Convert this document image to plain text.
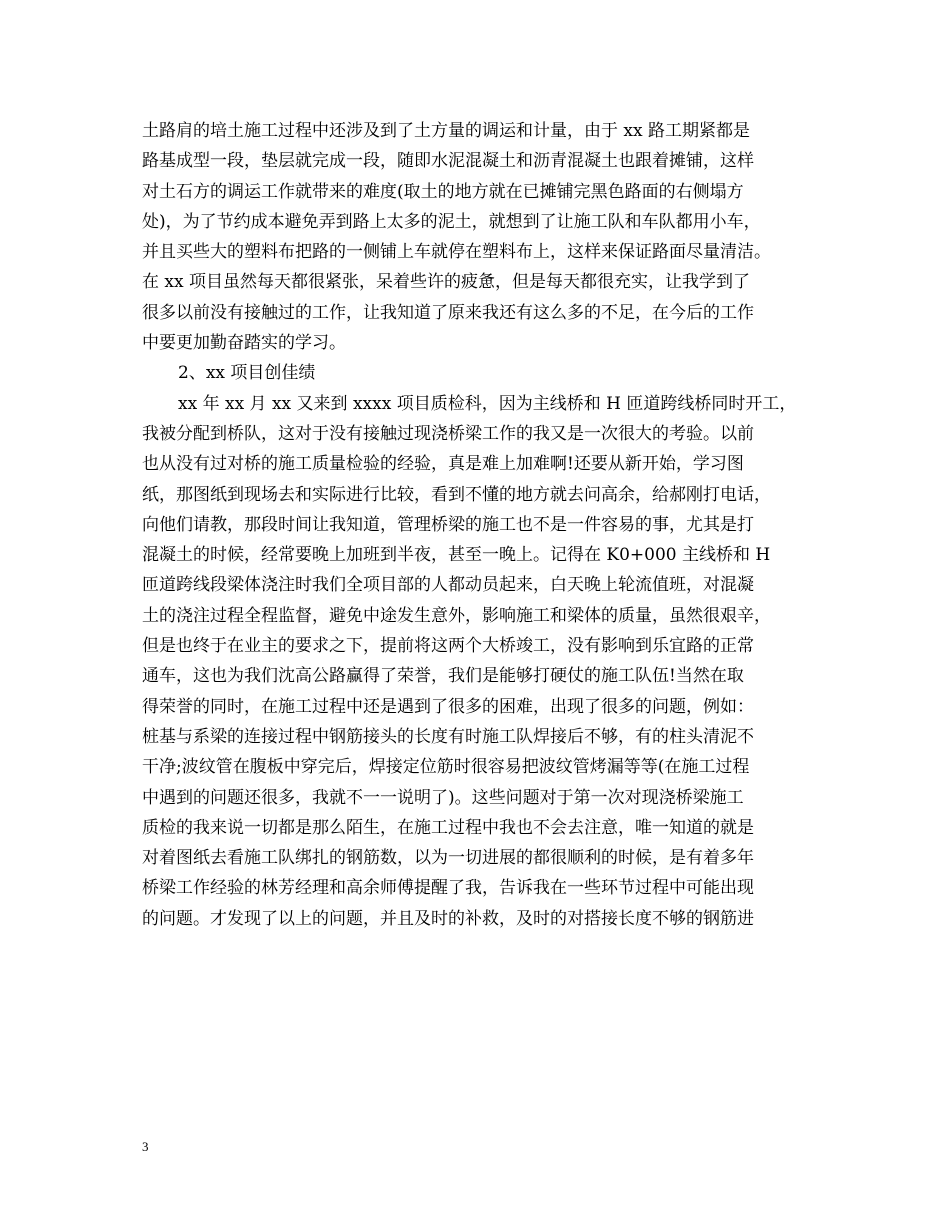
土路肩的培土施工过程中还涉及到了土方量的调运和计量，由于 xx 路工期紧都是
路基成型一段，垫层就完成一段，随即水泥混凝土和沥青混凝土也跟着摊铺，这样
对土石方的调运工作就带来的难度(取土的地方就在已摊铺完黑色路面的右侧塌方
处)，为了节约成本避免弄到路上太多的泥土，就想到了让施工队和车队都用小车，
并且买些大的塑料布把路的一侧铺上车就停在塑料布上，这样来保证路面尽量清洁。
在 xx 项目虽然每天都很紧张，呆着些许的疲惫，但是每天都很充实，让我学到了
很多以前没有接触过的工作，让我知道了原来我还有这么多的不足，在今后的工作
中要更加勤奋踏实的学习。
2、xx 项目创佳绩
xx 年 xx 月 xx 又来到 xxxx 项目质检科，因为主线桥和 H 匝道跨线桥同时开工，
我被分配到桥队，这对于没有接触过现浇桥梁工作的我又是一次很大的考验。以前
也从没有过对桥的施工质量检验的经验，真是难上加难啊!还要从新开始，学习图
纸，那图纸到现场去和实际进行比较，看到不懂的地方就去问高余，给郝刚打电话，
向他们请教，那段时间让我知道，管理桥梁的施工也不是一件容易的事，尤其是打
混凝土的时候，经常要晚上加班到半夜，甚至一晚上。记得在 K0+000 主线桥和 H
匝道跨线段梁体浇注时我们全项目部的人都动员起来，白天晚上轮流值班，对混凝
土的浇注过程全程监督，避免中途发生意外，影响施工和梁体的质量，虽然很艰辛，
但是也终于在业主的要求之下，提前将这两个大桥竣工，没有影响到乐宜路的正常
通车，这也为我们沈高公路赢得了荣誉，我们是能够打硬仗的施工队伍!当然在取
得荣誉的同时，在施工过程中还是遇到了很多的困难，出现了很多的问题，例如：
桩基与系梁的连接过程中钢筋接头的长度有时施工队焊接后不够，有的柱头清泥不
干净;波纹管在腹板中穿完后，焊接定位筋时很容易把波纹管烤漏等等(在施工过程
中遇到的问题还很多，我就不一一说明了)。这些问题对于第一次对现浇桥梁施工
质检的我来说一切都是那么陌生，在施工过程中我也不会去注意，唯一知道的就是
对着图纸去看施工队绑扎的钢筋数，以为一切进展的都很顺利的时候，是有着多年
桥梁工作经验的林芳经理和高余师傅提醒了我，告诉我在一些环节过程中可能出现
的问题。才发现了以上的问题，并且及时的补救，及时的对搭接长度不够的钢筋进
3
